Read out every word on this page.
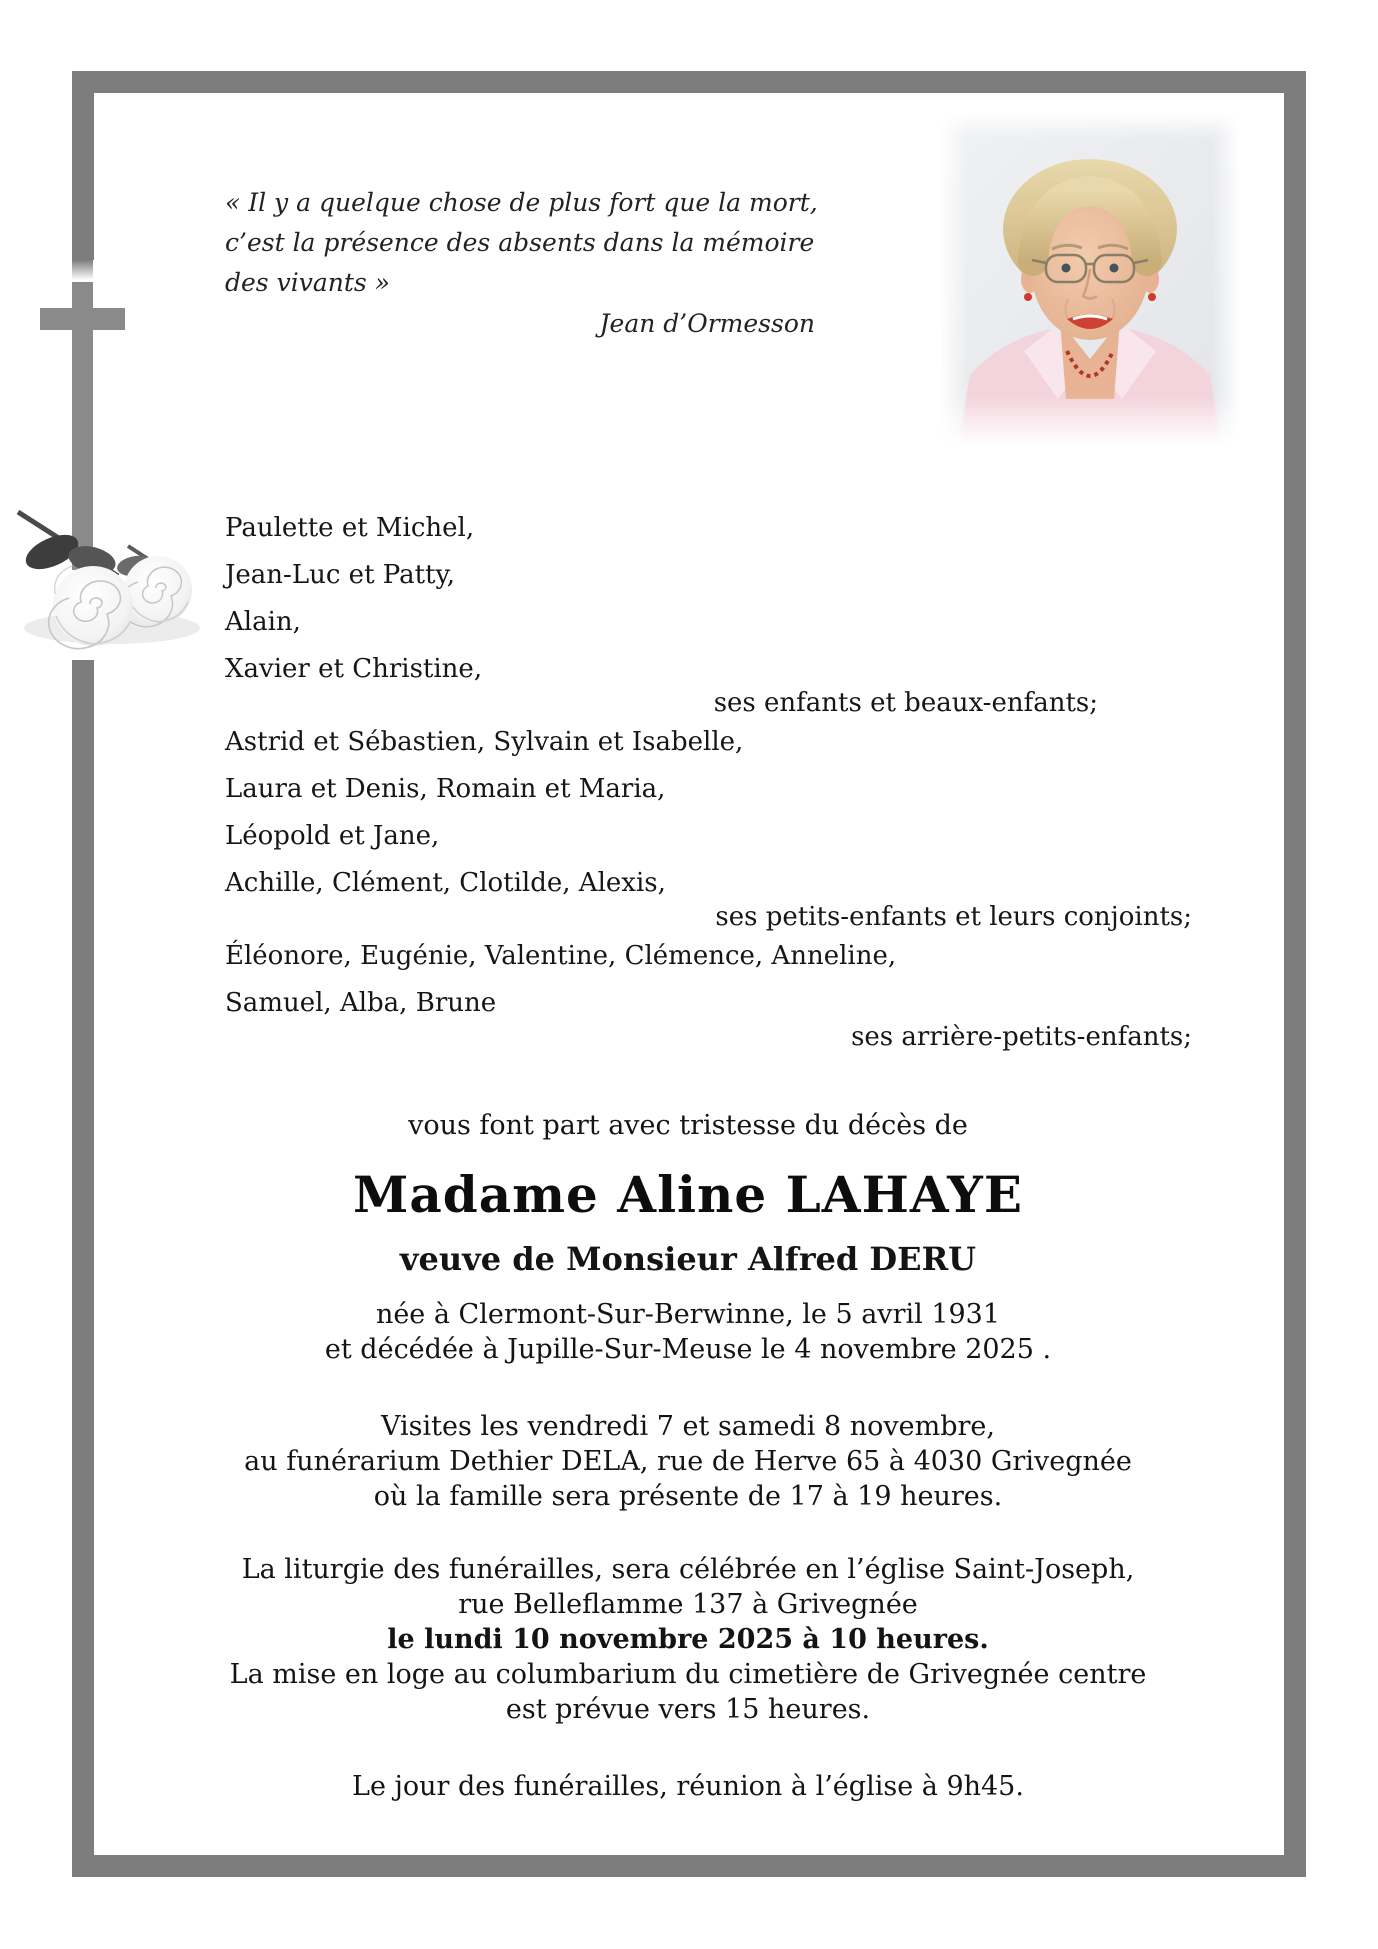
« Il y a quelque chose de plus fort que la mort,
c’est la présence des absents dans la mémoire des vivants »
Jean d’Ormesson
Paulette et Michel,
Jean-Luc et Patty,
Alain,
Xavier et Christine,
ses enfants et beaux-enfants;
Astrid et Sébastien, Sylvain et Isabelle,
Laura et Denis, Romain et Maria,
Léopold et Jane,
Achille, Clément, Clotilde, Alexis,
ses petits-enfants et leurs conjoints;
Éléonore, Eugénie, Valentine, Clémence, Anneline,
Samuel, Alba, Brune
ses arrière-petits-enfants;

vous font part avec tristesse du décès de

Madame Aline LAHAYE

veuve de Monsieur Alfred DERU

née à Clermont-Sur-Berwinne, le 5 avril 1931

et décédée à Jupille-Sur-Meuse le 4 novembre 2025 .

Visites les vendredi 7 et samedi 8 novembre,

au funérarium Dethier DELA, rue de Herve 65 à 4030 Grivegnée

où la famille sera présente de 17 à 19 heures.

La liturgie des funérailles, sera célébrée en l’église Saint-Joseph,

rue Belleflamme 137 à Grivegnée

le lundi 10 novembre 2025 à 10 heures.

La mise en loge au columbarium du cimetière de Grivegnée centre

est prévue vers 15 heures.

Le jour des funérailles, réunion à l’église à 9h45.
